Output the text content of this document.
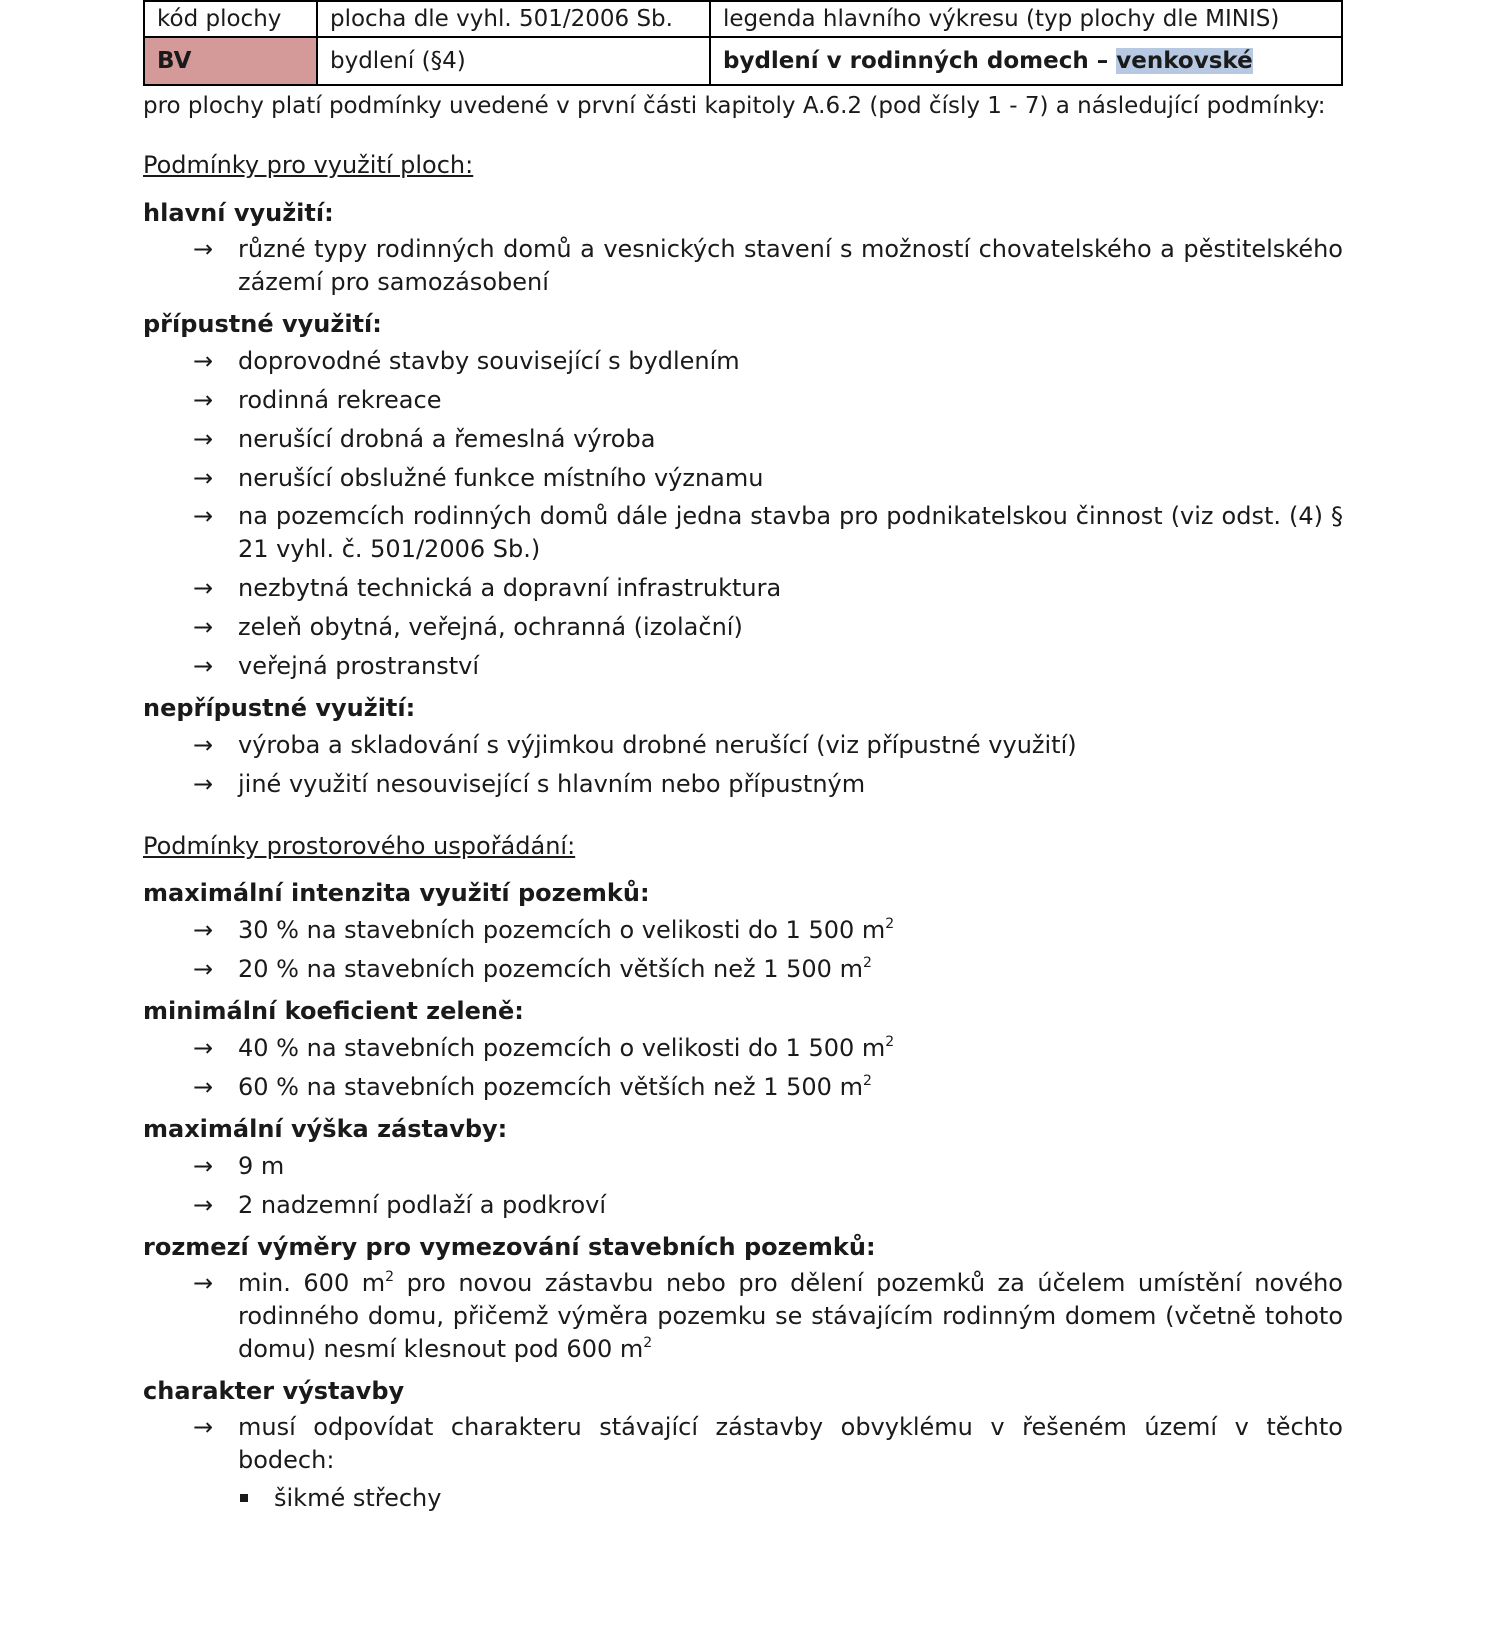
kód plochy	plocha dle vyhl. 501/2006 Sb.	legenda hlavního výkresu (typ plochy dle MINIS)
BV	bydlení (§4)	bydlení v rodinných domech – venkovské
pro plochy platí podmínky uvedené v první části kapitoly A.6.2 (pod čísly 1 - 7) a následující podmínky:
Podmínky pro využití ploch:
hlavní využití:
→ různé typy rodinných domů a vesnických stavení s možností chovatelského a pěstitelského zázemí pro samozásobení
přípustné využití:
→ doprovodné stavby související s bydlením
→ rodinná rekreace
→ nerušící drobná a řemeslná výroba
→ nerušící obslužné funkce místního významu
→ na pozemcích rodinných domů dále jedna stavba pro podnikatelskou činnost (viz odst. (4) § 21 vyhl. č. 501/2006 Sb.)
→ nezbytná technická a dopravní infrastruktura
→ zeleň obytná, veřejná, ochranná (izolační)
→ veřejná prostranství
nepřípustné využití:
→ výroba a skladování s výjimkou drobné nerušící (viz přípustné využití)
→ jiné využití nesouvisející s hlavním nebo přípustným
Podmínky prostorového uspořádání:
maximální intenzita využití pozemků:
→ 30 % na stavebních pozemcích o velikosti do 1 500 $m^2$
→ 20 % na stavebních pozemcích větších než 1 500 $m^2$
minimální koeficient zeleně:
→ 40 % na stavebních pozemcích o velikosti do 1 500 $m^2$
→ 60 % na stavebních pozemcích větších než 1 500 $m^2$
maximální výška zástavby:
→ 9 m
→ 2 nadzemní podlaží a podkroví
rozmezí výměry pro vymezování stavebních pozemků:
→ min. 600 $m^2$ pro novou zástavbu nebo pro dělení pozemků za účelem umístění nového rodinného domu, přičemž výměra pozemku se stávajícím rodinným domem (včetně tohoto domu) nesmí klesnout pod 600 $m^2$
charakter výstavby
→ musí odpovídat charakteru stávající zástavby obvyklému v řešeném území v těchto bodech:
šikmé střechy
